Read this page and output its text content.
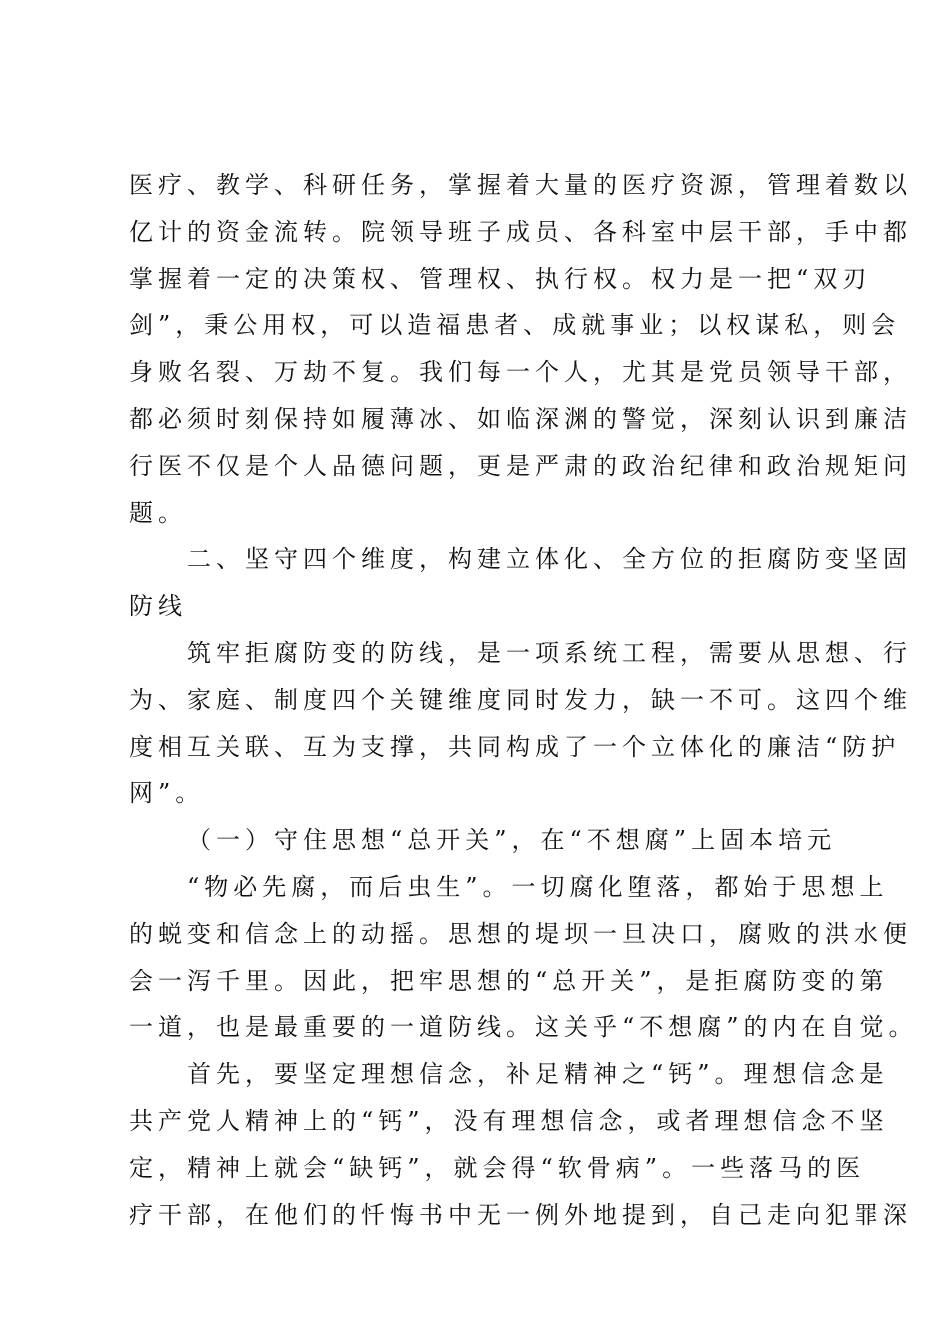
医疗、教学、科研任务，掌握着大量的医疗资源，管理着数以
亿计的资金流转。院领导班子成员、各科室中层干部，手中都
掌握着一定的决策权、管理权、执行权。权力是一把“双刃
剑”，秉公用权，可以造福患者、成就事业；以权谋私，则会
身败名裂、万劫不复。我们每一个人，尤其是党员领导干部，
都必须时刻保持如履薄冰、如临深渊的警觉，深刻认识到廉洁
行医不仅是个人品德问题，更是严肃的政治纪律和政治规矩问
题。
二、坚守四个维度，构建立体化、全方位的拒腐防变坚固
防线
筑牢拒腐防变的防线，是一项系统工程，需要从思想、行
为、家庭、制度四个关键维度同时发力，缺一不可。这四个维
度相互关联、互为支撑，共同构成了一个立体化的廉洁“防护
网”。
（一）守住思想“总开关”，在“不想腐”上固本培元
“物必先腐，而后虫生”。一切腐化堕落，都始于思想上
的蜕变和信念上的动摇。思想的堤坝一旦决口，腐败的洪水便
会一泻千里。因此，把牢思想的“总开关”，是拒腐防变的第
一道，也是最重要的一道防线。这关乎“不想腐”的内在自觉。
首先，要坚定理想信念，补足精神之“钙”。理想信念是
共产党人精神上的“钙”，没有理想信念，或者理想信念不坚
定，精神上就会“缺钙”，就会得“软骨病”。一些落马的医
疗干部，在他们的忏悔书中无一例外地提到，自己走向犯罪深
